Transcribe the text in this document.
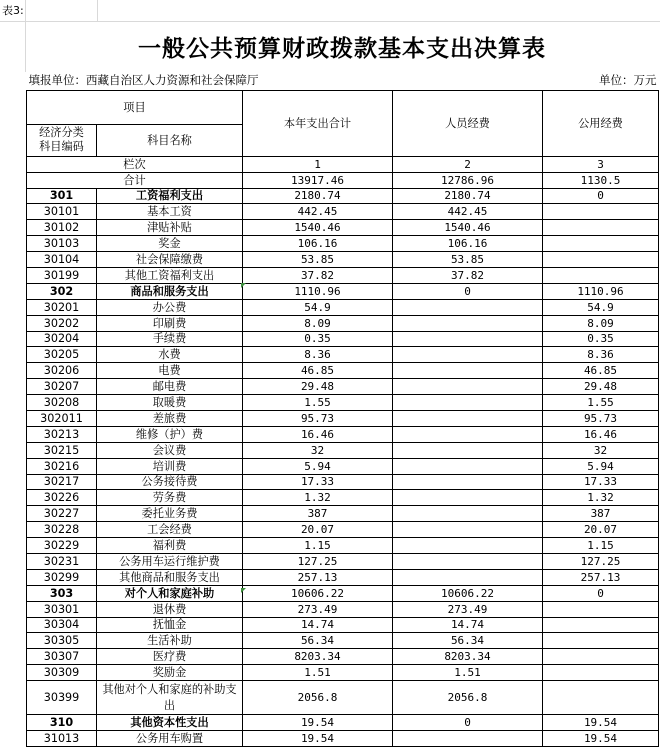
表3:
一般公共预算财政拨款基本支出决算表
填报单位：西藏自治区人力资源和社会保障厅				单位：万元
项目		本年支出合计	人员经费	公用经费
经济分类
科目编码	科目名称			
栏次		1	2	3
合计		13917.46	12786.96	1130.5
301	工资福利支出	2180.74	2180.74	0
30101	基本工资	442.45	442.45	
30102	津贴补贴	1540.46	1540.46	
30103	奖金	106.16	106.16	
30104	社会保障缴费	53.85	53.85	
30199	其他工资福利支出	37.82	37.82	
302	商品和服务支出	1110.96	0	1110.96
30201	办公费	54.9		54.9
30202	印刷费	8.09		8.09
30204	手续费	0.35		0.35
30205	水费	8.36		8.36
30206	电费	46.85		46.85
30207	邮电费	29.48		29.48
30208	取暖费	1.55		1.55
302011	差旅费	95.73		95.73
30213	维修（护）费	16.46		16.46
30215	会议费	32		32
30216	培训费	5.94		5.94
30217	公务接待费	17.33		17.33
30226	劳务费	1.32		1.32
30227	委托业务费	387		387
30228	工会经费	20.07		20.07
30229	福利费	1.15		1.15
30231	公务用车运行维护费	127.25		127.25
30299	其他商品和服务支出	257.13		257.13
303	对个人和家庭补助	10606.22	10606.22	0
30301	退休费	273.49	273.49	
30304	抚恤金	14.74	14.74	
30305	生活补助	56.34	56.34	
30307	医疗费	8203.34	8203.34	
30309	奖励金	1.51	1.51	
30399	其他对个人和家庭的补助支出	2056.8	2056.8	
310	其他资本性支出	19.54	0	19.54
31013	公务用车购置	19.54		19.54
